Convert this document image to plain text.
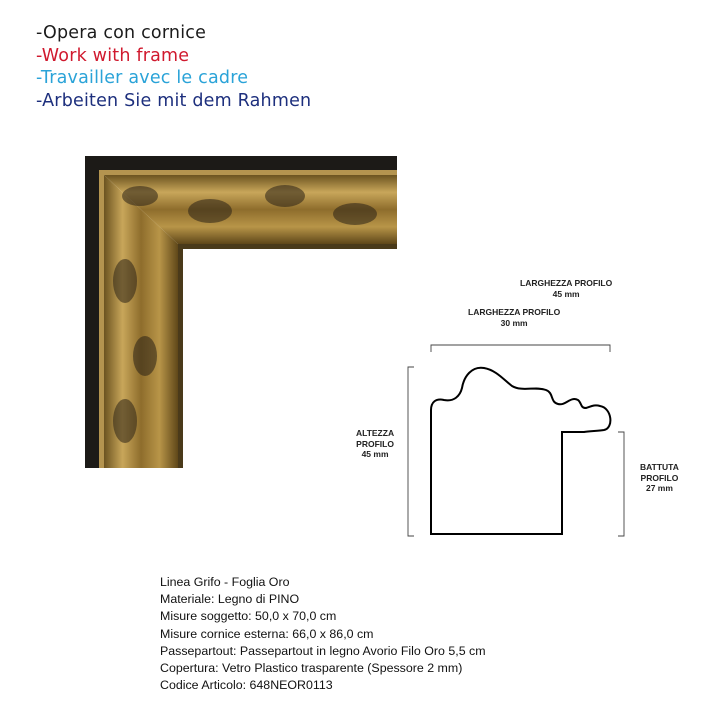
-Opera con cornice
-Work with frame
-Travailler avec le cadre
-Arbeiten Sie mit dem Rahmen
LARGHEZZA PROFILO
45 mm
LARGHEZZA PROFILO
30 mm
ALTEZZA
PROFILO
45 mm
BATTUTA
PROFILO
27 mm
Linea Grifo - Foglia Oro
Materiale: Legno di PINO
Misure soggetto: 50,0 x 70,0 cm
Misure cornice esterna: 66,0 x 86,0 cm
Passepartout: Passepartout in legno Avorio Filo Oro 5,5 cm
Copertura: Vetro Plastico trasparente (Spessore 2 mm)
Codice Articolo: 648NEOR0113
